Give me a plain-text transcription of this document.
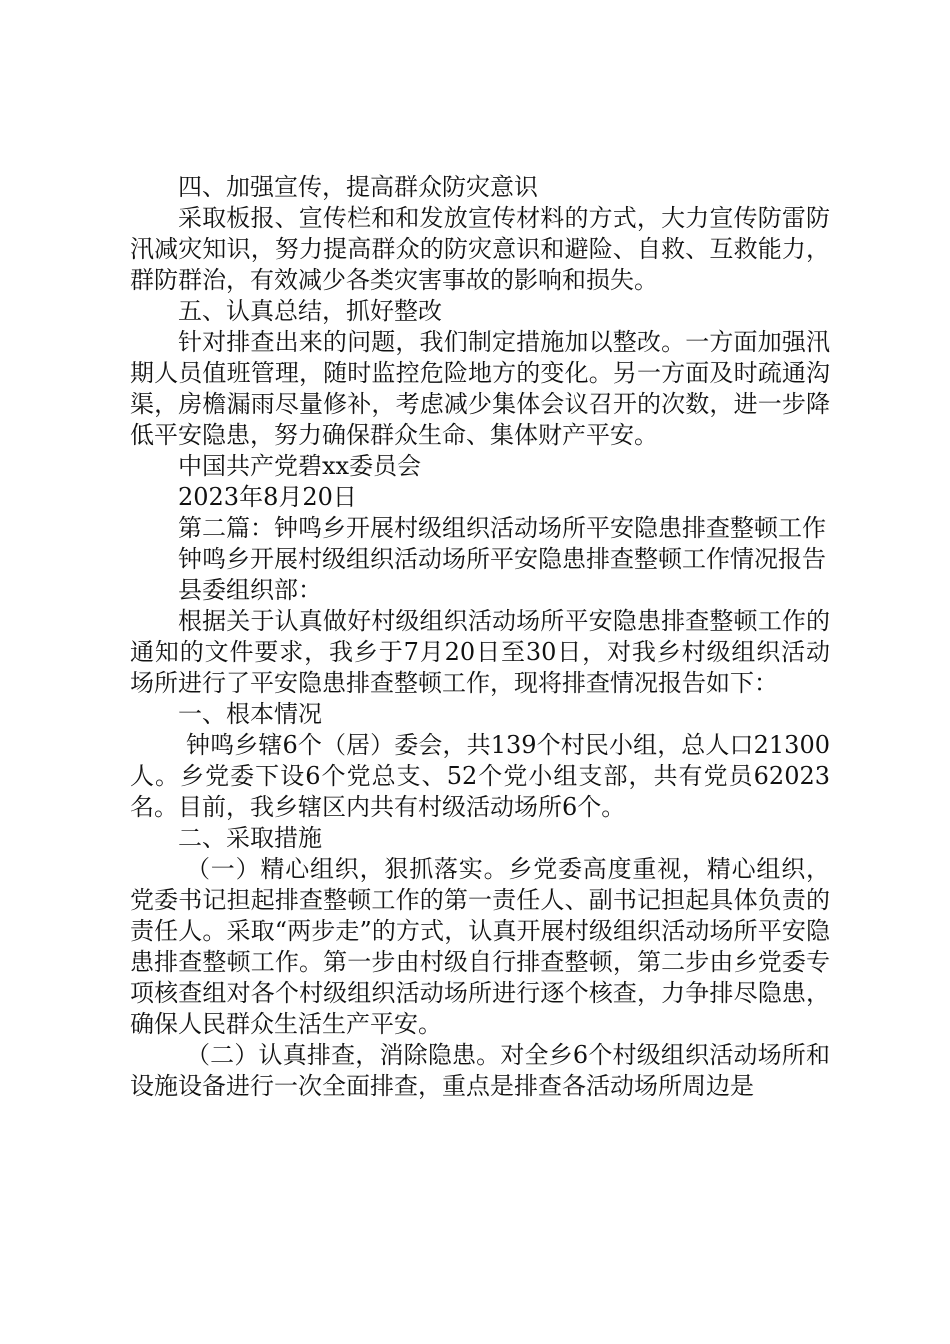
四、加强宣传，提高群众防灾意识

采取板报、宣传栏和和发放宣传材料的方式，大力宣传防雷防汛减灾知识，努力提高群众的防灾意识和避险、自救、互救能力，群防群治，有效减少各类灾害事故的影响和损失。

五、认真总结，抓好整改

针对排查出来的问题，我们制定措施加以整改。一方面加强汛期人员值班管理，随时监控危险地方的变化。另一方面及时疏通沟渠，房檐漏雨尽量修补，考虑减少集体会议召开的次数，进一步降低平安隐患，努力确保群众生命、集体财产平安。

中国共产党碧xx委员会

2023年8月20日

第二篇：钟鸣乡开展村级组织活动场所平安隐患排查整顿工作

钟鸣乡开展村级组织活动场所平安隐患排查整顿工作情况报告

县委组织部：

根据关于认真做好村级组织活动场所平安隐患排查整顿工作的通知的文件要求，我乡于7月20日至30日，对我乡村级组织活动场所进行了平安隐患排查整顿工作，现将排查情况报告如下：

一、根本情况

钟鸣乡辖6个（居）委会，共139个村民小组，总人口21300人。乡党委下设6个党总支、52个党小组支部，共有党员62023名。目前，我乡辖区内共有村级活动场所6个。

二、采取措施

（一）精心组织，狠抓落实。乡党委高度重视，精心组织，党委书记担起排查整顿工作的第一责任人、副书记担起具体负责的责任人。采取“两步走”的方式，认真开展村级组织活动场所平安隐患排查整顿工作。第一步由村级自行排查整顿，第二步由乡党委专项核查组对各个村级组织活动场所进行逐个核查，力争排尽隐患，确保人民群众生活生产平安。

（二）认真排查，消除隐患。对全乡6个村级组织活动场所和设施设备进行一次全面排查，重点是排查各活动场所周边是
